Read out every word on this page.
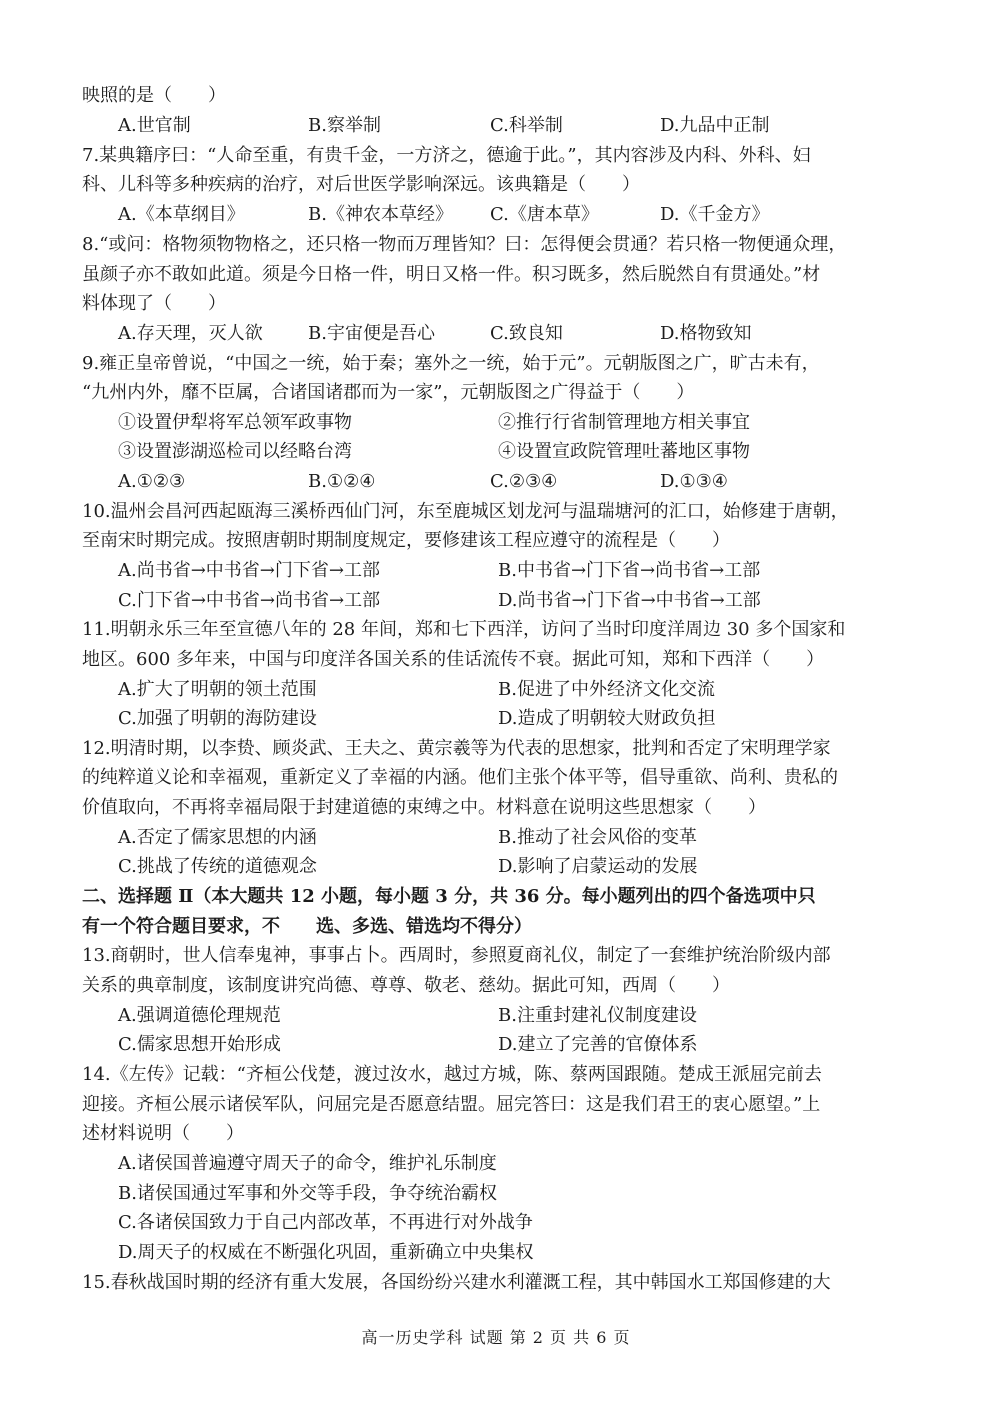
映照的是（　　）
A.世官制	B.察举制	C.科举制	D.九品中正制
7.某典籍序曰：“人命至重，有贵千金，一方济之，德逾于此。”，其内容涉及内科、外科、妇
科、儿科等多种疾病的治疗，对后世医学影响深远。该典籍是（　　）
A.《本草纲目》	B.《神农本草经》 C.《唐本草》	D.《千金方》
8.“或问：格物须物物格之，还只格一物而万理皆知？曰：怎得便会贯通？若只格一物便通众理，
虽颜子亦不敢如此道。须是今日格一件，明日又格一件。积习既多，然后脱然自有贯通处。”材
料体现了（　　）
A.存天理，灭人欲	B.宇宙便是吾心	C.致良知	D.格物致知
9.雍正皇帝曾说，“中国之一统，始于秦；塞外之一统，始于元”。元朝版图之广，旷古未有，
“九州内外，靡不臣属，合诸国诸郡而为一家”，元朝版图之广得益于（　　）
①设置伊犁将军总领军政事物	②推行行省制管理地方相关事宜
③设置澎湖巡检司以经略台湾	④设置宣政院管理吐蕃地区事物
A.①②③	B.①②④	C.②③④	D.①③④
10.温州会昌河西起瓯海三溪桥西仙门河，东至鹿城区划龙河与温瑞塘河的汇口，始修建于唐朝，
至南宋时期完成。按照唐朝时期制度规定，要修建该工程应遵守的流程是（　　）
A.尚书省→中书省→门下省→工部	B.中书省→门下省→尚书省→工部
C.门下省→中书省→尚书省→工部	D.尚书省→门下省→中书省→工部
11.明朝永乐三年至宣德八年的 28 年间，郑和七下西洋，访问了当时印度洋周边 30 多个国家和
地区。600 多年来，中国与印度洋各国关系的佳话流传不衰。据此可知，郑和下西洋（　　）
A.扩大了明朝的领土范围	B.促进了中外经济文化交流
C.加强了明朝的海防建设	D.造成了明朝较大财政负担
12.明清时期，以李贽、顾炎武、王夫之、黄宗羲等为代表的思想家，批判和否定了宋明理学家
的纯粹道义论和幸福观，重新定义了幸福的内涵。他们主张个体平等，倡导重欲、尚利、贵私的
价值取向，不再将幸福局限于封建道德的束缚之中。材料意在说明这些思想家（　　）
A.否定了儒家思想的内涵	B.推动了社会风俗的变革
C.挑战了传统的道德观念	D.影响了启蒙运动的发展
二、选择题 Ⅱ（本大题共 12 小题，每小题 3 分，共 36 分。每小题列出的四个备选项中只
有一个符合题目要求，不　　选、多选、错选均不得分）
13.商朝时，世人信奉鬼神，事事占卜。西周时，参照夏商礼仪，制定了一套维护统治阶级内部
关系的典章制度，该制度讲究尚德、尊尊、敬老、慈幼。据此可知，西周（　　）
A.强调道德伦理规范	B.注重封建礼仪制度建设
C.儒家思想开始形成	D.建立了完善的官僚体系
14.《左传》记载：“齐桓公伐楚，渡过汝水，越过方城，陈、蔡两国跟随。楚成王派屈完前去
迎接。齐桓公展示诸侯军队，问屈完是否愿意结盟。屈完答曰：这是我们君王的衷心愿望。”上
述材料说明（　　）
A.诸侯国普遍遵守周天子的命令，维护礼乐制度
B.诸侯国通过军事和外交等手段，争夺统治霸权
C.各诸侯国致力于自己内部改革，不再进行对外战争
D.周天子的权威在不断强化巩固，重新确立中央集权
15.春秋战国时期的经济有重大发展，各国纷纷兴建水利灌溉工程，其中韩国水工郑国修建的大
高一历史学科 试题 第 2 页 共 6 页
